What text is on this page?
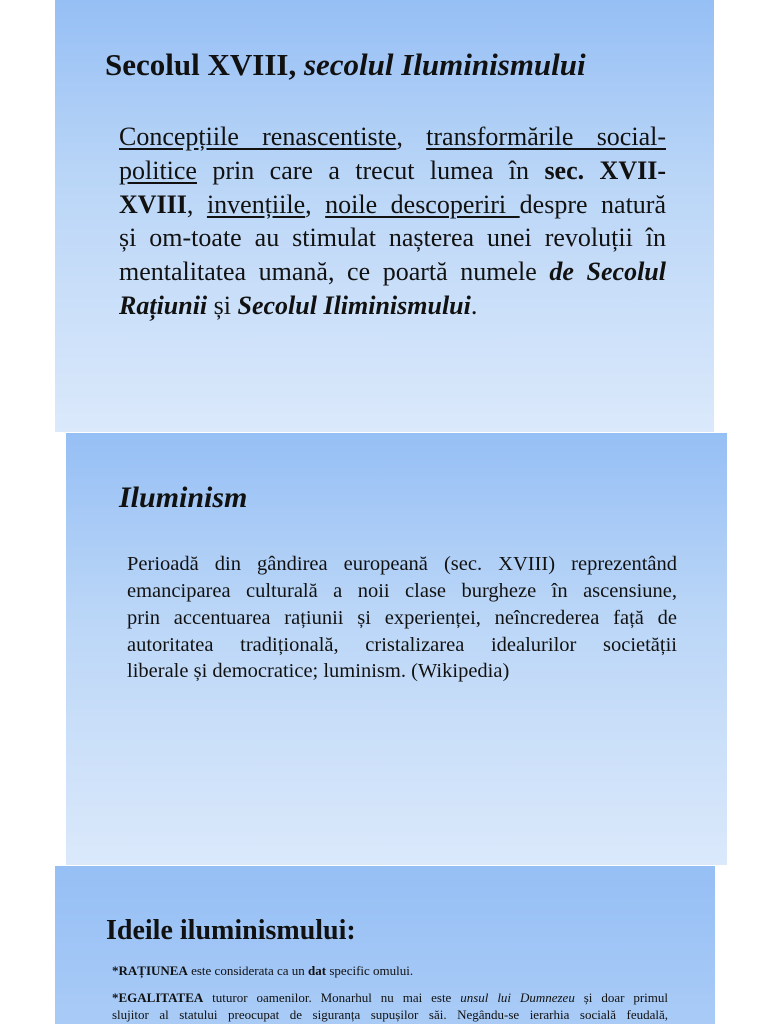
Secolul XVIII, secolul Iluminismului
Concepțiile renascentiste, transformările social-
politice prin care a trecut lumea în sec. XVII-
XVIII, invențiile, noile descoperiri despre natură
și om-toate au stimulat nașterea unei revoluții în
mentalitatea umană, ce poartă numele de Secolul
Rațiunii și Secolul Iliminismului.
Iluminism
Perioadă din gândirea europeană (sec. XVIII) reprezentând
emanciparea culturală a noii clase burgheze în ascensiune,
prin accentuarea rațiunii și experienței, neîncrederea față de
autoritatea tradițională, cristalizarea idealurilor societății
liberale și democratice; luminism. (Wikipedia)
Ideile iluminismului:

*RAȚIUNEA este considerata ca un dat specific omului.

*EGALITATEA tuturor oamenilor. Monarhul nu mai este unsul lui Dumnezeu și doar primul
slujitor al statului preocupat de siguranța supușilor săi. Negându-se ierarhia socială feudală,
